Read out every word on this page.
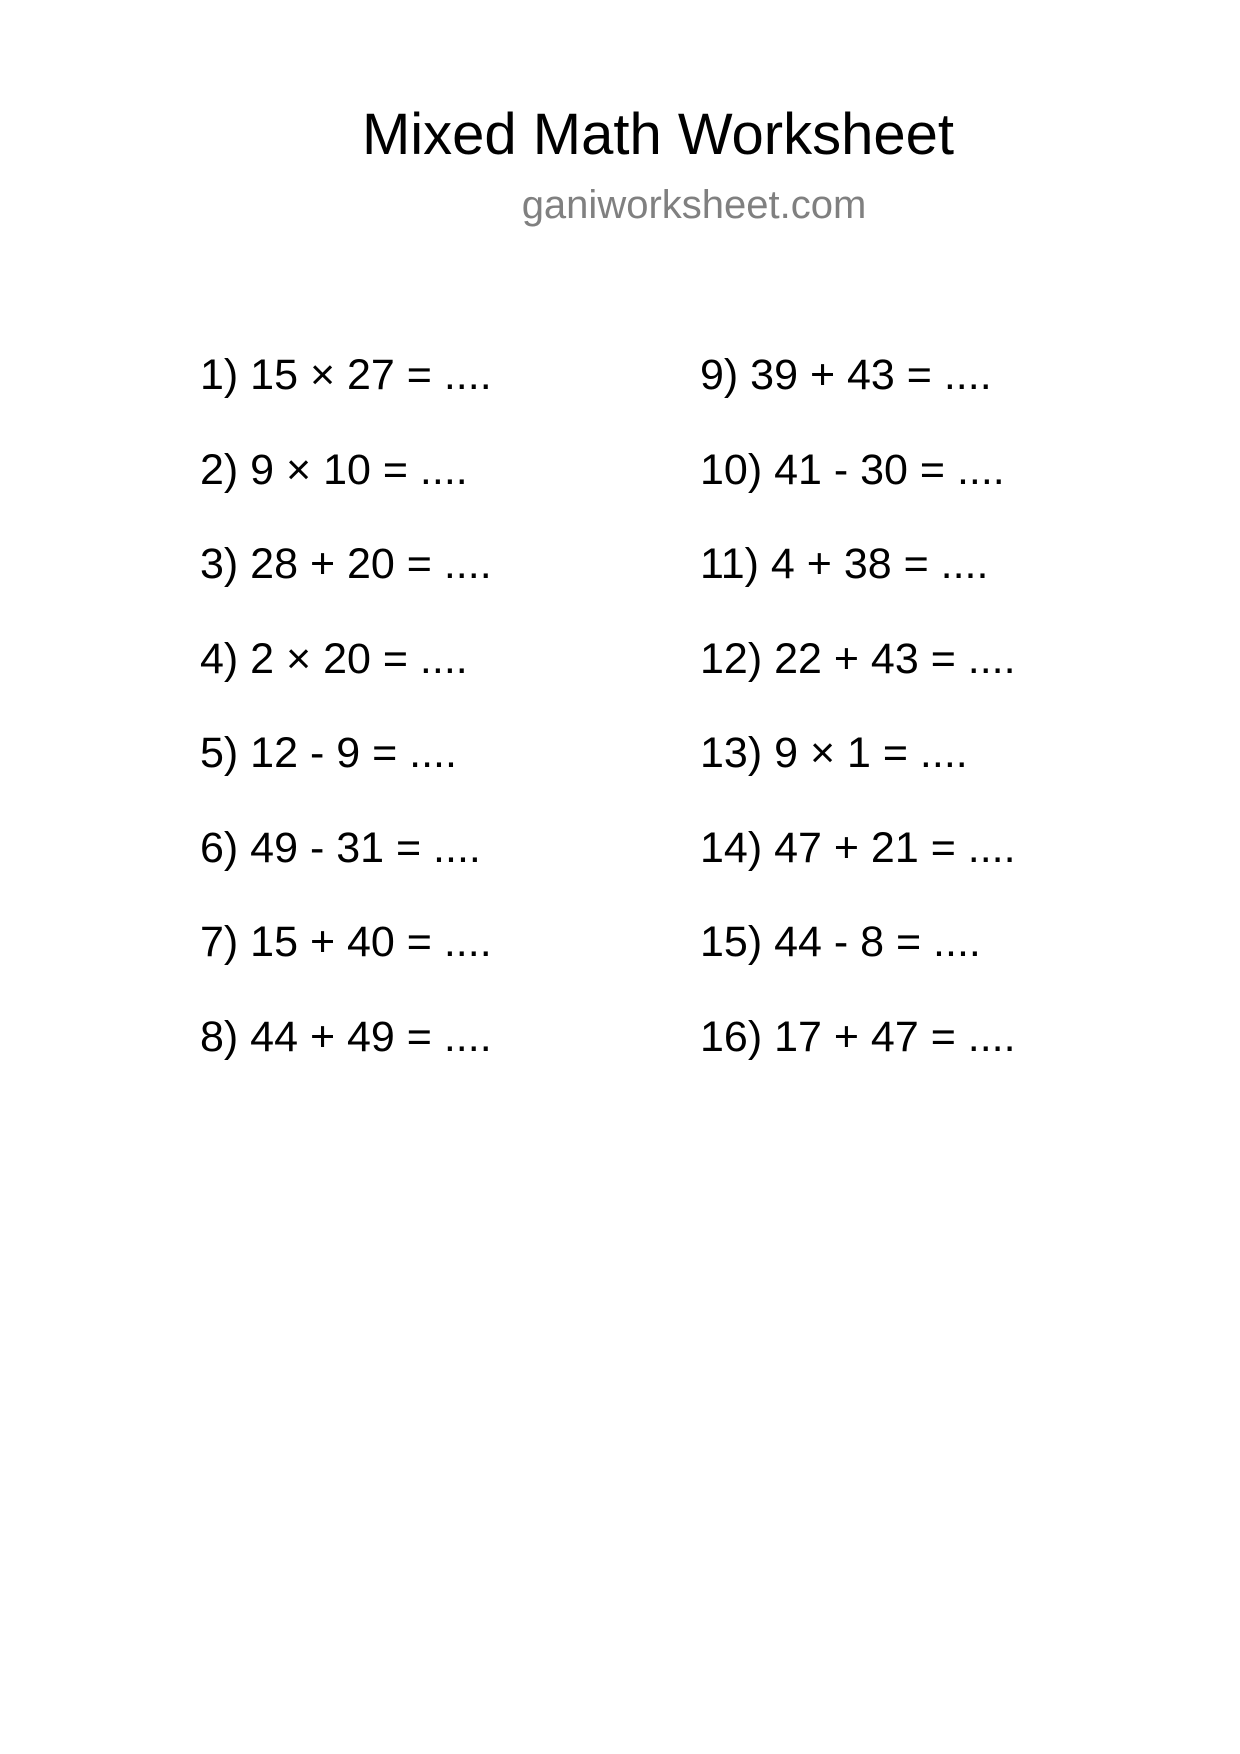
Mixed Math Worksheet
ganiworksheet.com
1) 15 × 27 = ....
2) 9 × 10 = ....
3) 28 + 20 = ....
4) 2 × 20 = ....
5) 12 - 9 = ....
6) 49 - 31 = ....
7) 15 + 40 = ....
8) 44 + 49 = ....
9) 39 + 43 = ....
10) 41 - 30 = ....
11) 4 + 38 = ....
12) 22 + 43 = ....
13) 9 × 1 = ....
14) 47 + 21 = ....
15) 44 - 8 = ....
16) 17 + 47 = ....
